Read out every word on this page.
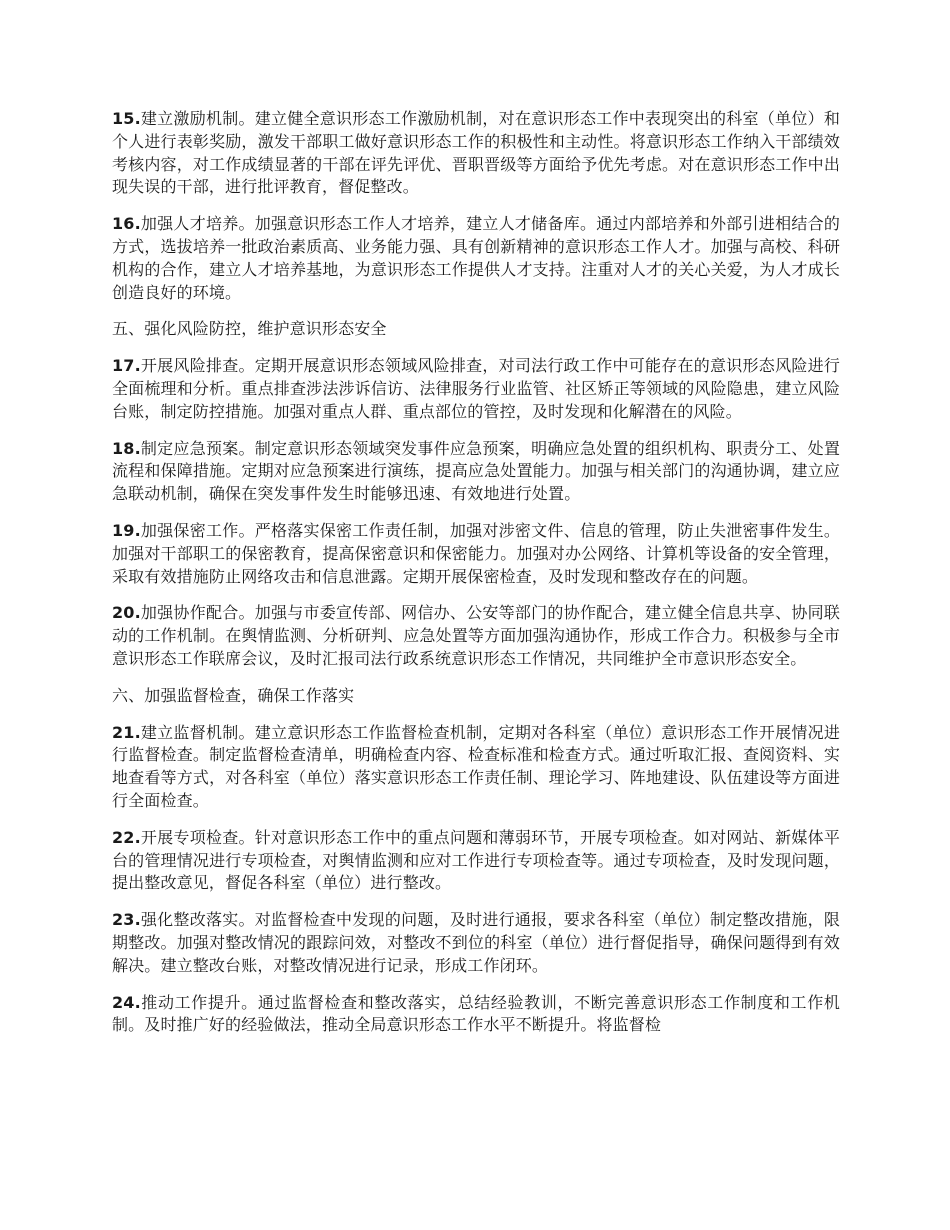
15.建立激励机制。建立健全意识形态工作激励机制，对在意识形态工作中表现突出的科室（单位）和个人进行表彰奖励，激发干部职工做好意识形态工作的积极性和主动性。将意识形态工作纳入干部绩效考核内容，对工作成绩显著的干部在评先评优、晋职晋级等方面给予优先考虑。对在意识形态工作中出现失误的干部，进行批评教育，督促整改。

16.加强人才培养。加强意识形态工作人才培养，建立人才储备库。通过内部培养和外部引进相结合的方式，选拔培养一批政治素质高、业务能力强、具有创新精神的意识形态工作人才。加强与高校、科研机构的合作，建立人才培养基地，为意识形态工作提供人才支持。注重对人才的关心关爱，为人才成长创造良好的环境。

五、强化风险防控，维护意识形态安全

17.开展风险排查。定期开展意识形态领域风险排查，对司法行政工作中可能存在的意识形态风险进行全面梳理和分析。重点排查涉法涉诉信访、法律服务行业监管、社区矫正等领域的风险隐患，建立风险台账，制定防控措施。加强对重点人群、重点部位的管控，及时发现和化解潜在的风险。

18.制定应急预案。制定意识形态领域突发事件应急预案，明确应急处置的组织机构、职责分工、处置流程和保障措施。定期对应急预案进行演练，提高应急处置能力。加强与相关部门的沟通协调，建立应急联动机制，确保在突发事件发生时能够迅速、有效地进行处置。

19.加强保密工作。严格落实保密工作责任制，加强对涉密文件、信息的管理，防止失泄密事件发生。加强对干部职工的保密教育，提高保密意识和保密能力。加强对办公网络、计算机等设备的安全管理，采取有效措施防止网络攻击和信息泄露。定期开展保密检查，及时发现和整改存在的问题。

20.加强协作配合。加强与市委宣传部、网信办、公安等部门的协作配合，建立健全信息共享、协同联动的工作机制。在舆情监测、分析研判、应急处置等方面加强沟通协作，形成工作合力。积极参与全市意识形态工作联席会议，及时汇报司法行政系统意识形态工作情况，共同维护全市意识形态安全。

六、加强监督检查，确保工作落实

21.建立监督机制。建立意识形态工作监督检查机制，定期对各科室（单位）意识形态工作开展情况进行监督检查。制定监督检查清单，明确检查内容、检查标准和检查方式。通过听取汇报、查阅资料、实地查看等方式，对各科室（单位）落实意识形态工作责任制、理论学习、阵地建设、队伍建设等方面进行全面检查。

22.开展专项检查。针对意识形态工作中的重点问题和薄弱环节，开展专项检查。如对网站、新媒体平台的管理情况进行专项检查，对舆情监测和应对工作进行专项检查等。通过专项检查，及时发现问题，提出整改意见，督促各科室（单位）进行整改。

23.强化整改落实。对监督检查中发现的问题，及时进行通报，要求各科室（单位）制定整改措施，限期整改。加强对整改情况的跟踪问效，对整改不到位的科室（单位）进行督促指导，确保问题得到有效解决。建立整改台账，对整改情况进行记录，形成工作闭环。

24.推动工作提升。通过监督检查和整改落实，总结经验教训，不断完善意识形态工作制度和工作机制。及时推广好的经验做法，推动全局意识形态工作水平不断提升。将监督检
